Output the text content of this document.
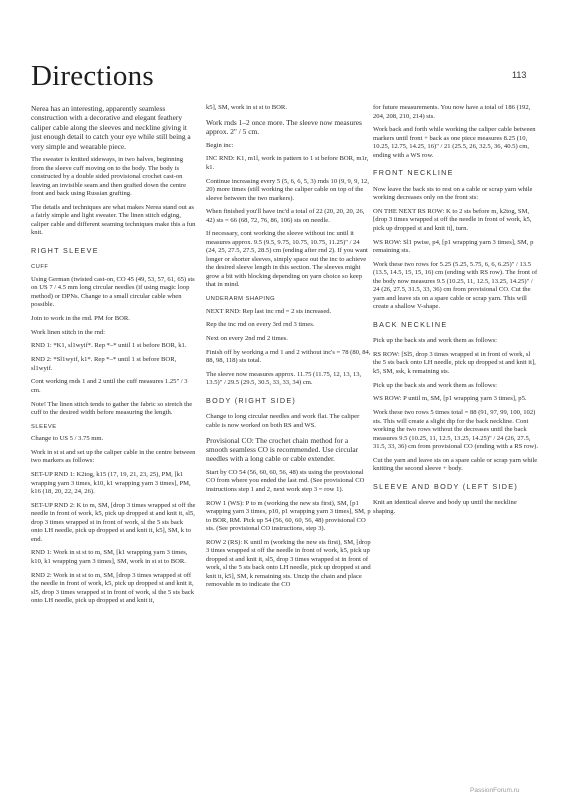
Directions	113

Nerea has an interesting, apparently seamless construction with a decorative and elegant feathery caliper cable along the sleeves and neckline giving it just enough detail to catch your eye while still being a very simple and wearable piece.

The sweater is knitted sideways, in two halves, beginning from the sleeve cuff moving on to the body. The body is constructed by a double sided provisional crochet cast-on leaving an invisible seam and then grafted down the centre front and back using Russian grafting.

The details and techniques are what makes Nerea stand out as a fairly simple and light sweater. The linen stitch edging, caliper cable and different seaming techniques make this a fun knit.

RIGHT SLEEVE
CUFF

Using German (twisted cast-on, CO 45 (49, 53, 57, 61, 65) sts on US 7 / 4.5 mm long circular needles (if using magic loop method) or DPNs. Change to a small circular cable when possible.

Join to work in the rnd. PM for BOR.

Work linen stitch in the rnd:

RND 1: *K1, sl1wyif*. Rep *–* until 1 st before BOR, k1.

RND 2: *Sl1wyif, k1*. Rep *–* until 1 st before BOR, sl1wyif.

Cont working rnds 1 and 2 until the cuff measures 1.25" / 3 cm.

Note! The linen stitch tends to gather the fabric so stretch the cuff to the desired width before measuring the length.

SLEEVE

Change to US 5 / 3.75 mm.

Work in st st and set up the caliper cable in the centre between two markers as follows:

SET-UP RND 1: K2tog, k15 (17, 19, 21, 23, 25), PM, [k1 wrapping yarn 3 times, k10, k1 wrapping yarn 3 times], PM, k16 (18, 20, 22, 24, 26).

SET-UP RND 2: K to m, SM, [drop 3 times wrapped st off the needle in front of work, k5, pick up dropped st and knit it, sl5, drop 3 times wrapped st in front of work, sl the 5 sts back onto LH needle, pick up dropped st and knit it, k5], SM, k to end.

RND 1: Work in st st to m, SM, [k1 wrapping yarn 3 times, k10, k1 wrapping yarn 3 times], SM, work in st st to BOR.

RND 2: Work in st st to m, SM, [drop 3 times wrapped st off the needle in front of work, k5, pick up dropped st and knit it, sl5, drop 3 times wrapped st in front of work, sl the 5 sts back onto LH needle, pick up dropped st and knit it,

k5], SM, work in st st to BOR.

Work rnds 1–2 once more. The sleeve now measures approx. 2" / 5 cm.

Begin inc:

INC RND: K1, m1l, work in pattern to 1 st before BOR, m1r, k1.

Continue increasing every 5 (5, 6, 6, 5, 3) rnds 10 (9, 9, 9, 12, 20) more times (still working the caliper cable on top of the sleeve between the two markers).

When finished you'll have inc'd a total of 22 (20, 20, 20, 26, 42) sts = 66 (68, 72, 76, 86, 106) sts on needle.

If necessary, cont working the sleeve without inc until it measures approx. 9.5 (9.5, 9.75, 10.75, 10.75, 11.25)" / 24 (24, 25, 27.5, 27.5, 28.5) cm (ending after rnd 2). If you want longer or shorter sleeves, simply space out the inc to achieve the desired sleeve length in this section. The sleeves might grow a bit with blocking depending on yarn choice so keep that in mind.

UNDERARM SHAPING

NEXT RND: Rep last inc rnd = 2 sts increased.

Rep the inc rnd on every 3rd rnd 3 times.

Next on every 2nd rnd 2 times.

Finish off by working a rnd 1 and 2 without inc's = 78 (80, 84, 88, 98, 118) sts total.

The sleeve now measures approx. 11.75 (11.75, 12, 13, 13, 13.5)" / 29.5 (29.5, 30.5, 33, 33, 34) cm.

BODY (RIGHT SIDE)

Change to long circular needles and work flat. The caliper cable is now worked on both RS and WS.

Provisional CO: The crochet chain method for a smooth seamless CO is recommended. Use circular needles with a long cable or cable extender.

Start by CO 54 (56, 60, 60, 56, 48) sts using the provisional CO from where you ended the last rnd. (See provisional CO instructions step 1 and 2, next work step 3 = row 1).

ROW 1 (WS): P to m (working the new sts first), SM, [p1 wrapping yarn 3 times, p10, p1 wrapping yarn 3 times], SM, p to BOR, RM. Pick up 54 (56, 60, 60, 56, 48) provisional CO sts. (See provisional CO instructions, step 3).

ROW 2 (RS): K until m (working the new sts first), SM, [drop 3 times wrapped st off the needle in front of work, k5, pick up dropped st and knit it, sl5, drop 3 times wrapped st in front of work, sl the 5 sts back onto LH needle, pick up dropped st and knit it, k5], SM, k remaining sts. Unzip the chain and place removable m to indicate the CO

for future measurements. You now have a total of 186 (192, 204, 208, 210, 214) sts.

Work back and forth while working the caliper cable between markers until front + back as one piece measures 8.25 (10, 10.25, 12.75, 14.25, 16)" / 21 (25.5, 26, 32.5, 36, 40.5) cm, ending with a WS row.

FRONT NECKLINE

Now leave the back sts to rest on a cable or scrap yarn while working decreases only on the front sts:

ON THE NEXT RS ROW: K to 2 sts before m, k2tog, SM, [drop 3 times wrapped st off the needle in front of work, k5, pick up dropped st and knit it], turn.

WS ROW: Sl1 pwise, p4, [p1 wrapping yarn 3 times], SM, p remaining sts.

Work these two rows for 5.25 (5.25, 5.75, 6, 6, 6.25)" / 13.5 (13.5, 14.5, 15, 15, 16) cm (ending with RS row). The front of the body now measures 9.5 (10.25, 11, 12.5, 13.25, 14.25)" / 24 (26, 27.5, 31.5, 33, 36) cm from provisional CO. Cut the yarn and leave sts on a spare cable or scrap yarn. This will create a shallow V-shape.

BACK NECKLINE

Pick up the back sts and work them as follows:

RS ROW: [Sl5, drop 3 times wrapped st in front of work, sl the 5 sts back onto LH needle, pick up dropped st and knit it], k5, SM, ssk, k remaining sts.

Pick up the back sts and work them as follows:

WS ROW: P until m, SM, [p1 wrapping yarn 3 times], p5.

Work these two rows 5 times total = 88 (91, 97, 99, 100, 102) sts. This will create a slight dip for the back neckline. Cont working the two rows without the decreases until the back measures 9.5 (10.25, 11, 12.5, 13.25, 14.25)" / 24 (26, 27.5, 31.5, 33, 36) cm from provisional CO (ending with a RS row).

Cut the yarn and leave sts on a spare cable or scrap yarn while knitting the second sleeve + body.

SLEEVE AND BODY (LEFT SIDE)

Knit an identical sleeve and body up until the neckline shaping.

PassionForum.ru
